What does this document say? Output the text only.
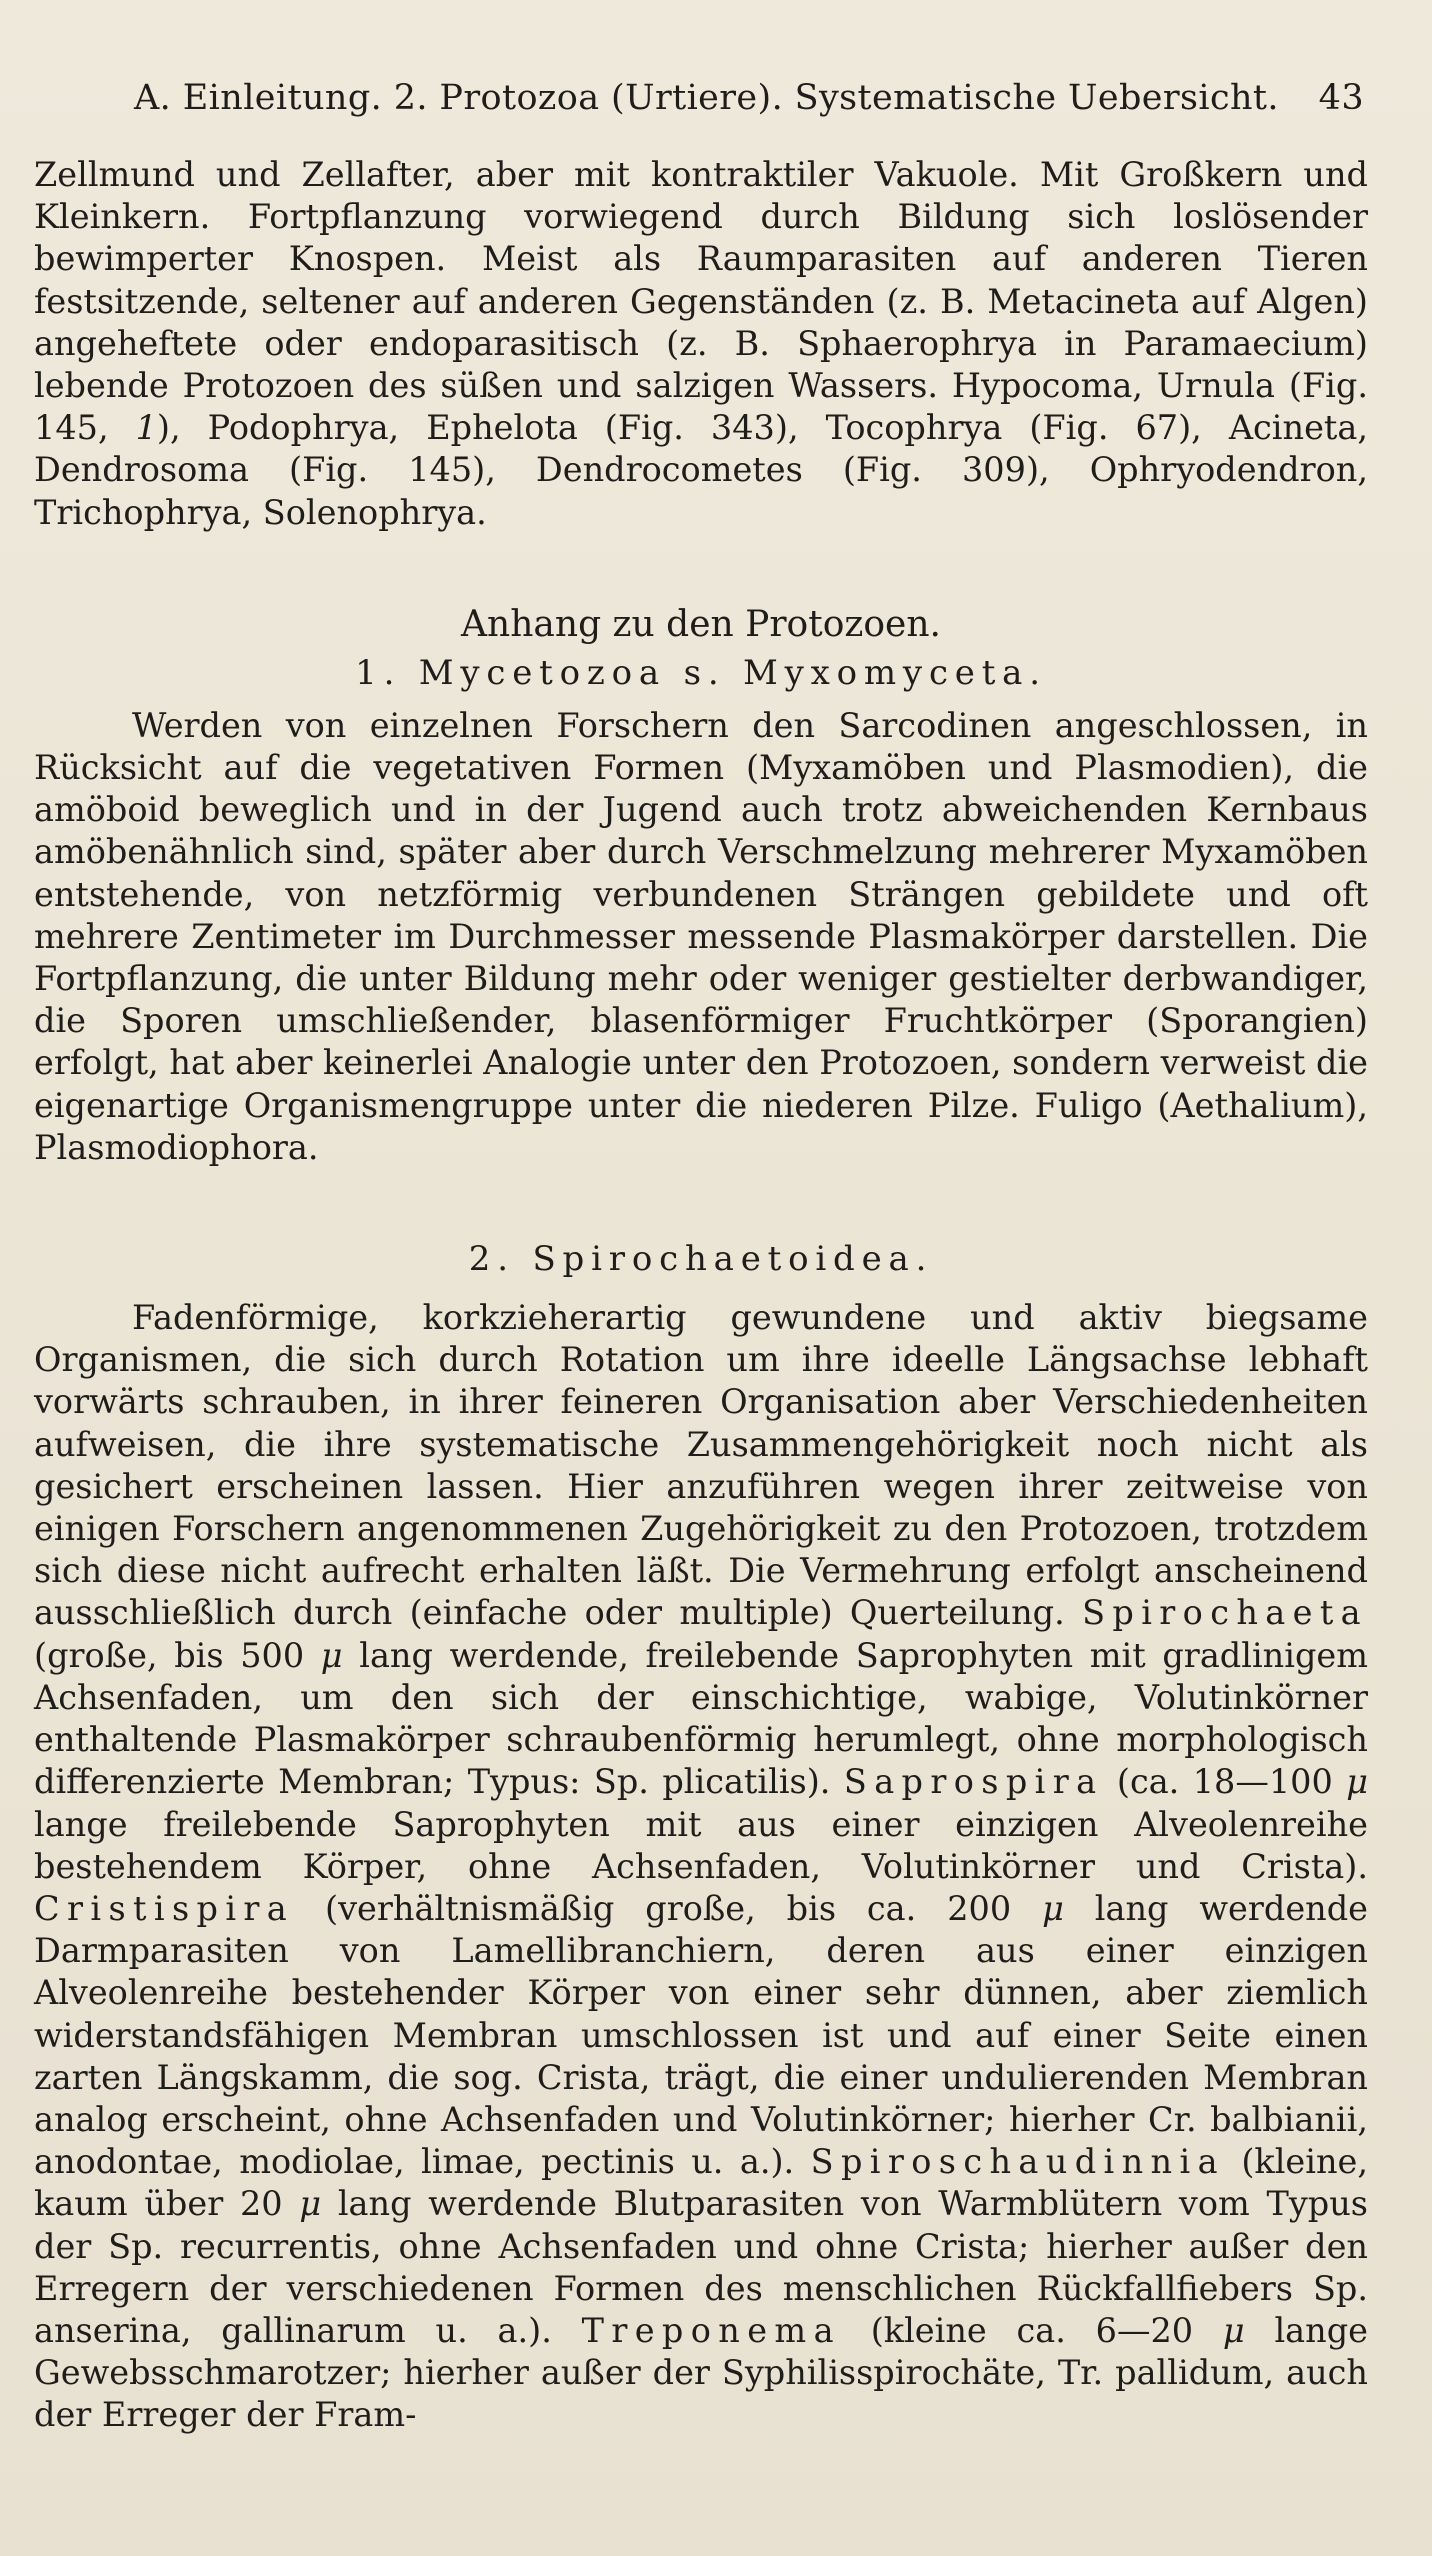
A. Einleitung. 2. Protozoa (Urtiere). Systematische Uebersicht. 43

Zellmund und Zellafter, aber mit kontraktiler Vakuole. Mit Großkern und Kleinkern. Fortpflanzung vorwiegend durch Bildung sich loslösender bewimperter Knospen. Meist als Raumparasiten auf anderen Tieren festsitzende, seltener auf anderen Gegenständen (z. B. Metacineta auf Algen) angeheftete oder endoparasitisch (z. B. Sphaerophrya in Paramaecium) lebende Protozoen des süßen und salzigen Wassers. Hypocoma, Urnula (Fig. 145, 1), Podophrya, Ephelota (Fig. 343), Tocophrya (Fig. 67), Acineta, Dendrosoma (Fig. 145), Dendrocometes (Fig. 309), Ophryodendron, Trichophrya, Solenophrya.

Anhang zu den Protozoen.
1. Mycetozoa s. Myxomyceta.

Werden von einzelnen Forschern den Sarcodinen angeschlossen, in Rücksicht auf die vegetativen Formen (Myxamöben und Plasmodien), die amöboid beweglich und in der Jugend auch trotz abweichenden Kernbaus amöbenähnlich sind, später aber durch Verschmelzung mehrerer Myxamöben entstehende, von netzförmig verbundenen Strängen gebildete und oft mehrere Zentimeter im Durchmesser messende Plasmakörper darstellen. Die Fortpflanzung, die unter Bildung mehr oder weniger gestielter derbwandiger, die Sporen umschließender, blasenförmiger Fruchtkörper (Sporangien) erfolgt, hat aber keinerlei Analogie unter den Protozoen, sondern verweist die eigenartige Organismengruppe unter die niederen Pilze. Fuligo (Aethalium), Plasmodiophora.

2. Spirochaetoidea.

Fadenförmige, korkzieherartig gewundene und aktiv biegsame Organismen, die sich durch Rotation um ihre ideelle Längsachse lebhaft vorwärts schrauben, in ihrer feineren Organisation aber Verschiedenheiten aufweisen, die ihre systematische Zusammengehörigkeit noch nicht als gesichert erscheinen lassen. Hier anzuführen wegen ihrer zeitweise von einigen Forschern angenommenen Zugehörigkeit zu den Protozoen, trotzdem sich diese nicht aufrecht erhalten läßt. Die Vermehrung erfolgt anscheinend ausschließlich durch (einfache oder multiple) Querteilung. Spirochaeta (große, bis 500 μ lang werdende, freilebende Saprophyten mit gradlinigem Achsenfaden, um den sich der einschichtige, wabige, Volutinkörner enthaltende Plasmakörper schraubenförmig herumlegt, ohne morphologisch differenzierte Membran; Typus: Sp. plicatilis). Saprospira (ca. 18—100 μ lange freilebende Saprophyten mit aus einer einzigen Alveolenreihe bestehendem Körper, ohne Achsenfaden, Volutinkörner und Crista). Cristispira (verhältnismäßig große, bis ca. 200 μ lang werdende Darmparasiten von Lamellibranchiern, deren aus einer einzigen Alveolenreihe bestehender Körper von einer sehr dünnen, aber ziemlich widerstandsfähigen Membran umschlossen ist und auf einer Seite einen zarten Längskamm, die sog. Crista, trägt, die einer undulierenden Membran analog erscheint, ohne Achsenfaden und Volutinkörner; hierher Cr. balbianii, anodontae, modiolae, limae, pectinis u. a.). Spiroschaudinnia (kleine, kaum über 20 μ lang werdende Blutparasiten von Warmblütern vom Typus der Sp. recurrentis, ohne Achsenfaden und ohne Crista; hierher außer den Erregern der verschiedenen Formen des menschlichen Rückfallfiebers Sp. anserina, gallinarum u. a.). Treponema (kleine ca. 6—20 μ lange Gewebsschmarotzer; hierher außer der Syphilisspirochäte, Tr. pallidum, auch der Erreger der Fram-
